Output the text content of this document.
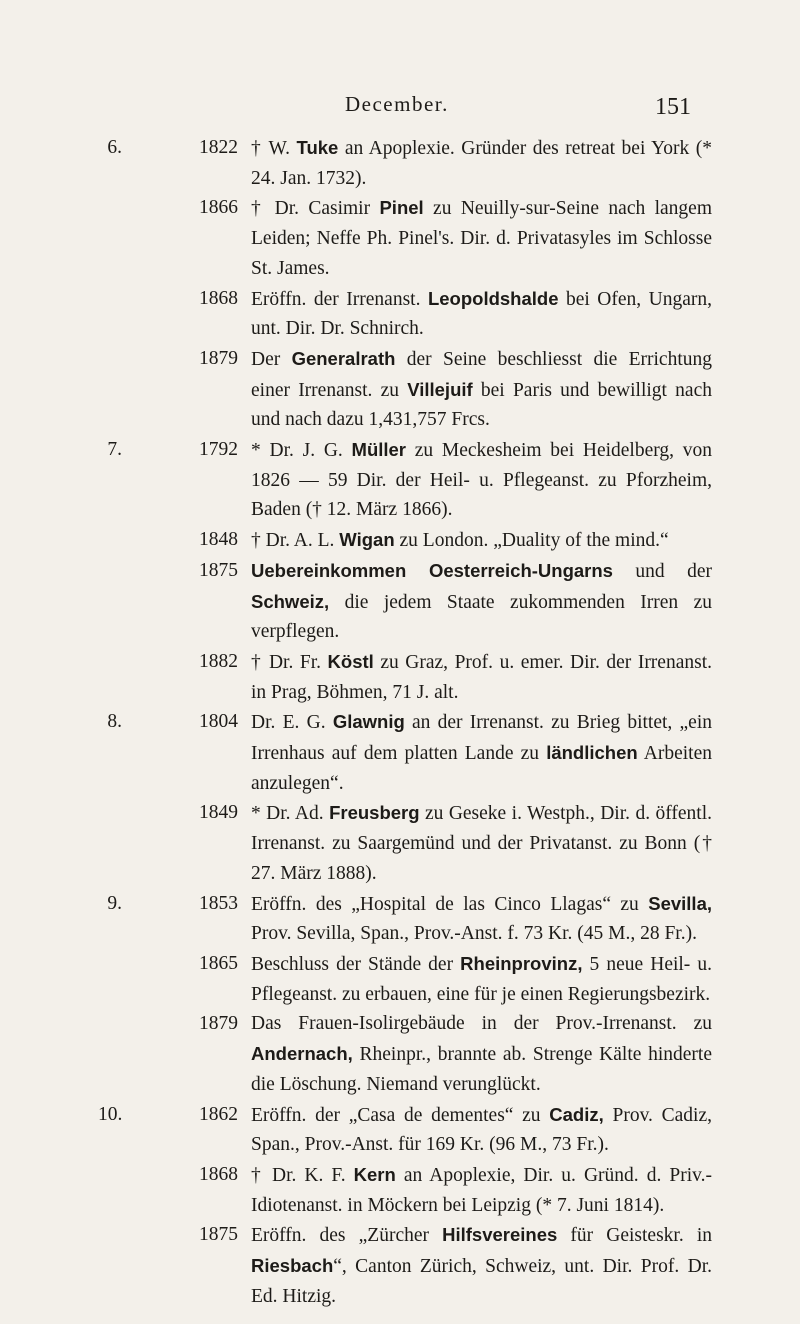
December.	151
6.	1822 † W. Tuke an Apoplexie. Gründer des retreat bei York (* 24. Jan. 1732).
1866 † Dr. Casimir Pinel zu Neuilly-sur-Seine nach langem Leiden; Neffe Ph. Pinel's. Dir. d. Privatasyles im Schlosse St. James.
1868 Eröffn. der Irrenanst. Leopoldshalde bei Ofen, Ungarn, unt. Dir. Dr. Schnirch.
1879 Der Generalrath der Seine beschliesst die Errichtung einer Irrenanst. zu Villejuif bei Paris und bewilligt nach und nach dazu 1,431,757 Frcs.
7.	1792 * Dr. J. G. Müller zu Meckesheim bei Heidelberg, von 1826 — 59 Dir. der Heil- u. Pflegeanst. zu Pforzheim, Baden († 12. März 1866).
1848 † Dr. A. L. Wigan zu London. „Duality of the mind.“
1875 Uebereinkommen Oesterreich-Ungarns und der Schweiz, die jedem Staate zukommenden Irren zu verpflegen.
1882 † Dr. Fr. Köstl zu Graz, Prof. u. emer. Dir. der Irrenanst. in Prag, Böhmen, 71 J. alt.
8.	1804 Dr. E. G. Glawnig an der Irrenanst. zu Brieg bittet, „ein Irrenhaus auf dem platten Lande zu ländlichen Arbeiten anzulegen“.
1849 * Dr. Ad. Freusberg zu Geseke i. Westph., Dir. d. öffentl. Irrenanst. zu Saargemünd und der Privatanst. zu Bonn († 27. März 1888).
9.	1853 Eröffn. des „Hospital de las Cinco Llagas“ zu Sevilla, Prov. Sevilla, Span., Prov.-Anst. f. 73 Kr. (45 M., 28 Fr.).
1865 Beschluss der Stände der Rheinprovinz, 5 neue Heil- u. Pflegeanst. zu erbauen, eine für je einen Regierungsbezirk.
1879 Das Frauen-Isolirgebäude in der Prov.-Irrenanst. zu Andernach, Rheinpr., brannte ab. Strenge Kälte hinderte die Löschung. Niemand verunglückt.
10.	1862 Eröffn. der „Casa de dementes“ zu Cadiz, Prov. Cadiz, Span., Prov.-Anst. für 169 Kr. (96 M., 73 Fr.).
1868 † Dr. K. F. Kern an Apoplexie, Dir. u. Gründ. d. Priv.-Idiotenanst. in Möckern bei Leipzig (* 7. Juni 1814).
1875 Eröffn. des „Zürcher Hilfsvereines für Geisteskr. in Riesbach“, Canton Zürich, Schweiz, unt. Dir. Prof. Dr. Ed. Hitzig.
